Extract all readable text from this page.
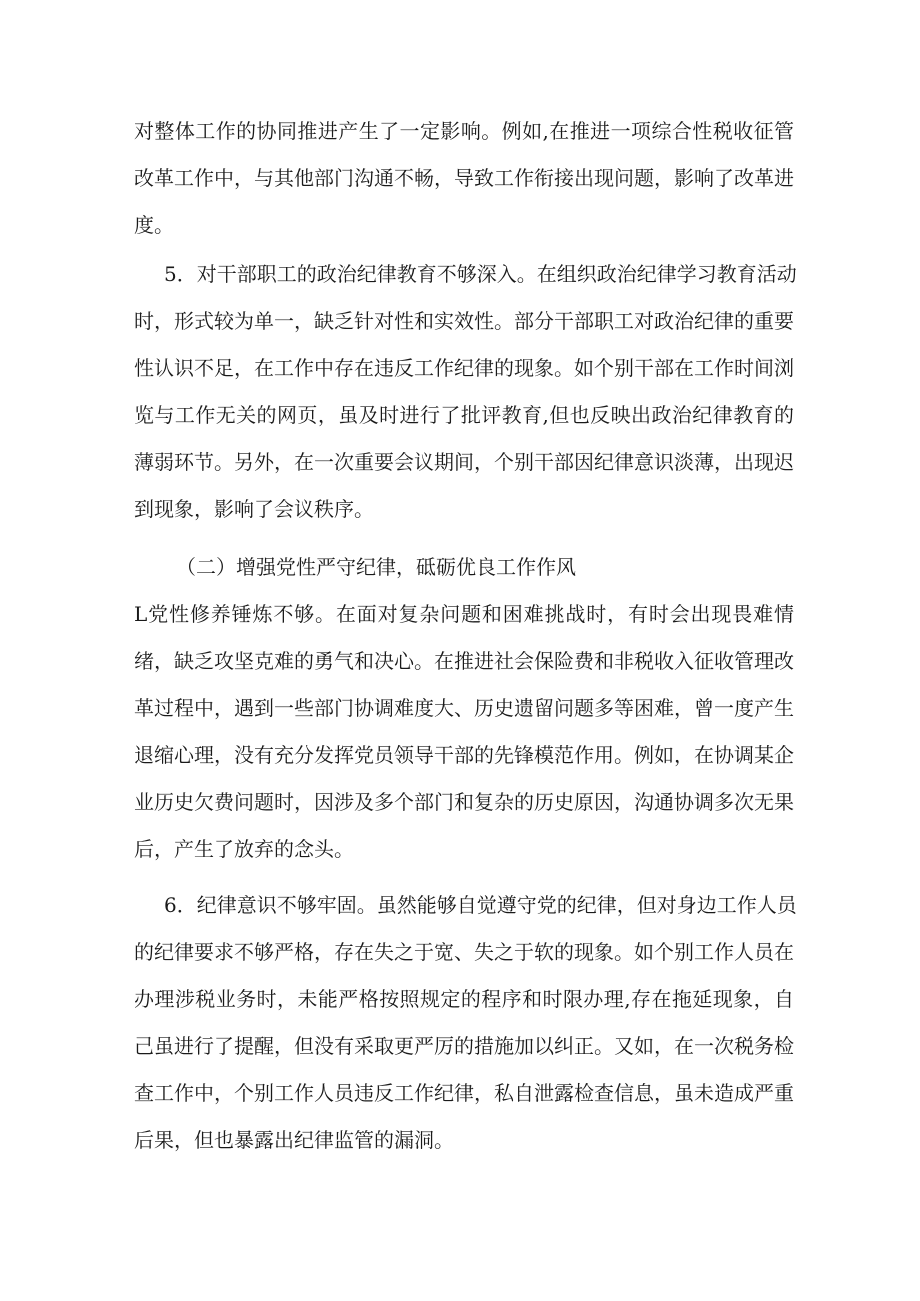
对整体工作的协同推进产生了一定影响。例如,在推进一项综合性税收征管
改革工作中，与其他部门沟通不畅，导致工作衔接出现问题，影响了改革进
度。
5．对干部职工的政治纪律教育不够深入。在组织政治纪律学习教育活动
时，形式较为单一，缺乏针对性和实效性。部分干部职工对政治纪律的重要
性认识不足，在工作中存在违反工作纪律的现象。如个别干部在工作时间浏
览与工作无关的网页，虽及时进行了批评教育,但也反映出政治纪律教育的
薄弱环节。另外，在一次重要会议期间，个别干部因纪律意识淡薄，出现迟
到现象，影响了会议秩序。
（二）增强党性严守纪律，砥砺优良工作作风
L党性修养锤炼不够。在面对复杂问题和困难挑战时，有时会出现畏难情
绪，缺乏攻坚克难的勇气和决心。在推进社会保险费和非税收入征收管理改
革过程中，遇到一些部门协调难度大、历史遗留问题多等困难，曾一度产生
退缩心理，没有充分发挥党员领导干部的先锋模范作用。例如，在协调某企
业历史欠费问题时，因涉及多个部门和复杂的历史原因，沟通协调多次无果
后，产生了放弃的念头。
6．纪律意识不够牢固。虽然能够自觉遵守党的纪律，但对身边工作人员
的纪律要求不够严格，存在失之于宽、失之于软的现象。如个别工作人员在
办理涉税业务时，未能严格按照规定的程序和时限办理,存在拖延现象，自
己虽进行了提醒，但没有采取更严厉的措施加以纠正。又如，在一次税务检
查工作中，个别工作人员违反工作纪律，私自泄露检查信息，虽未造成严重
后果，但也暴露出纪律监管的漏洞。
